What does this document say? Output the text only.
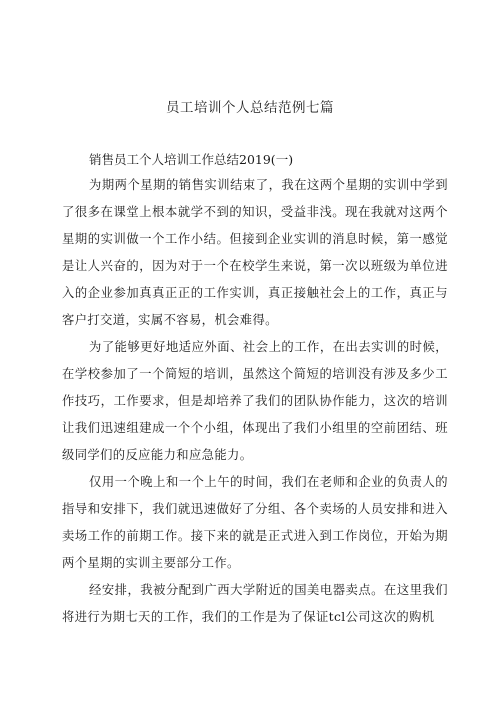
员工培训个人总结范例七篇

销售员工个人培训工作总结2019(一)

为期两个星期的销售实训结束了，我在这两个星期的实训中学到了很多在课堂上根本就学不到的知识，受益非浅。现在我就对这两个星期的实训做一个工作小结。但接到企业实训的消息时候，第一感觉是让人兴奋的，因为对于一个在校学生来说，第一次以班级为单位进入的企业参加真真正正的工作实训，真正接触社会上的工作，真正与客户打交道，实属不容易，机会难得。

为了能够更好地适应外面、社会上的工作，在出去实训的时候，在学校参加了一个简短的培训，虽然这个简短的培训没有涉及多少工作技巧，工作要求，但是却培养了我们的团队协作能力，这次的培训让我们迅速组建成一个个小组，体现出了我们小组里的空前团结、班级同学们的反应能力和应急能力。

仅用一个晚上和一个上午的时间，我们在老师和企业的负责人的指导和安排下，我们就迅速做好了分组、各个卖场的人员安排和进入卖场工作的前期工作。接下来的就是正式进入到工作岗位，开始为期两个星期的实训主要部分工作。

经安排，我被分配到广西大学附近的国美电器卖点。在这里我们将进行为期七天的工作，我们的工作是为了保证tcl公司这次的购机
